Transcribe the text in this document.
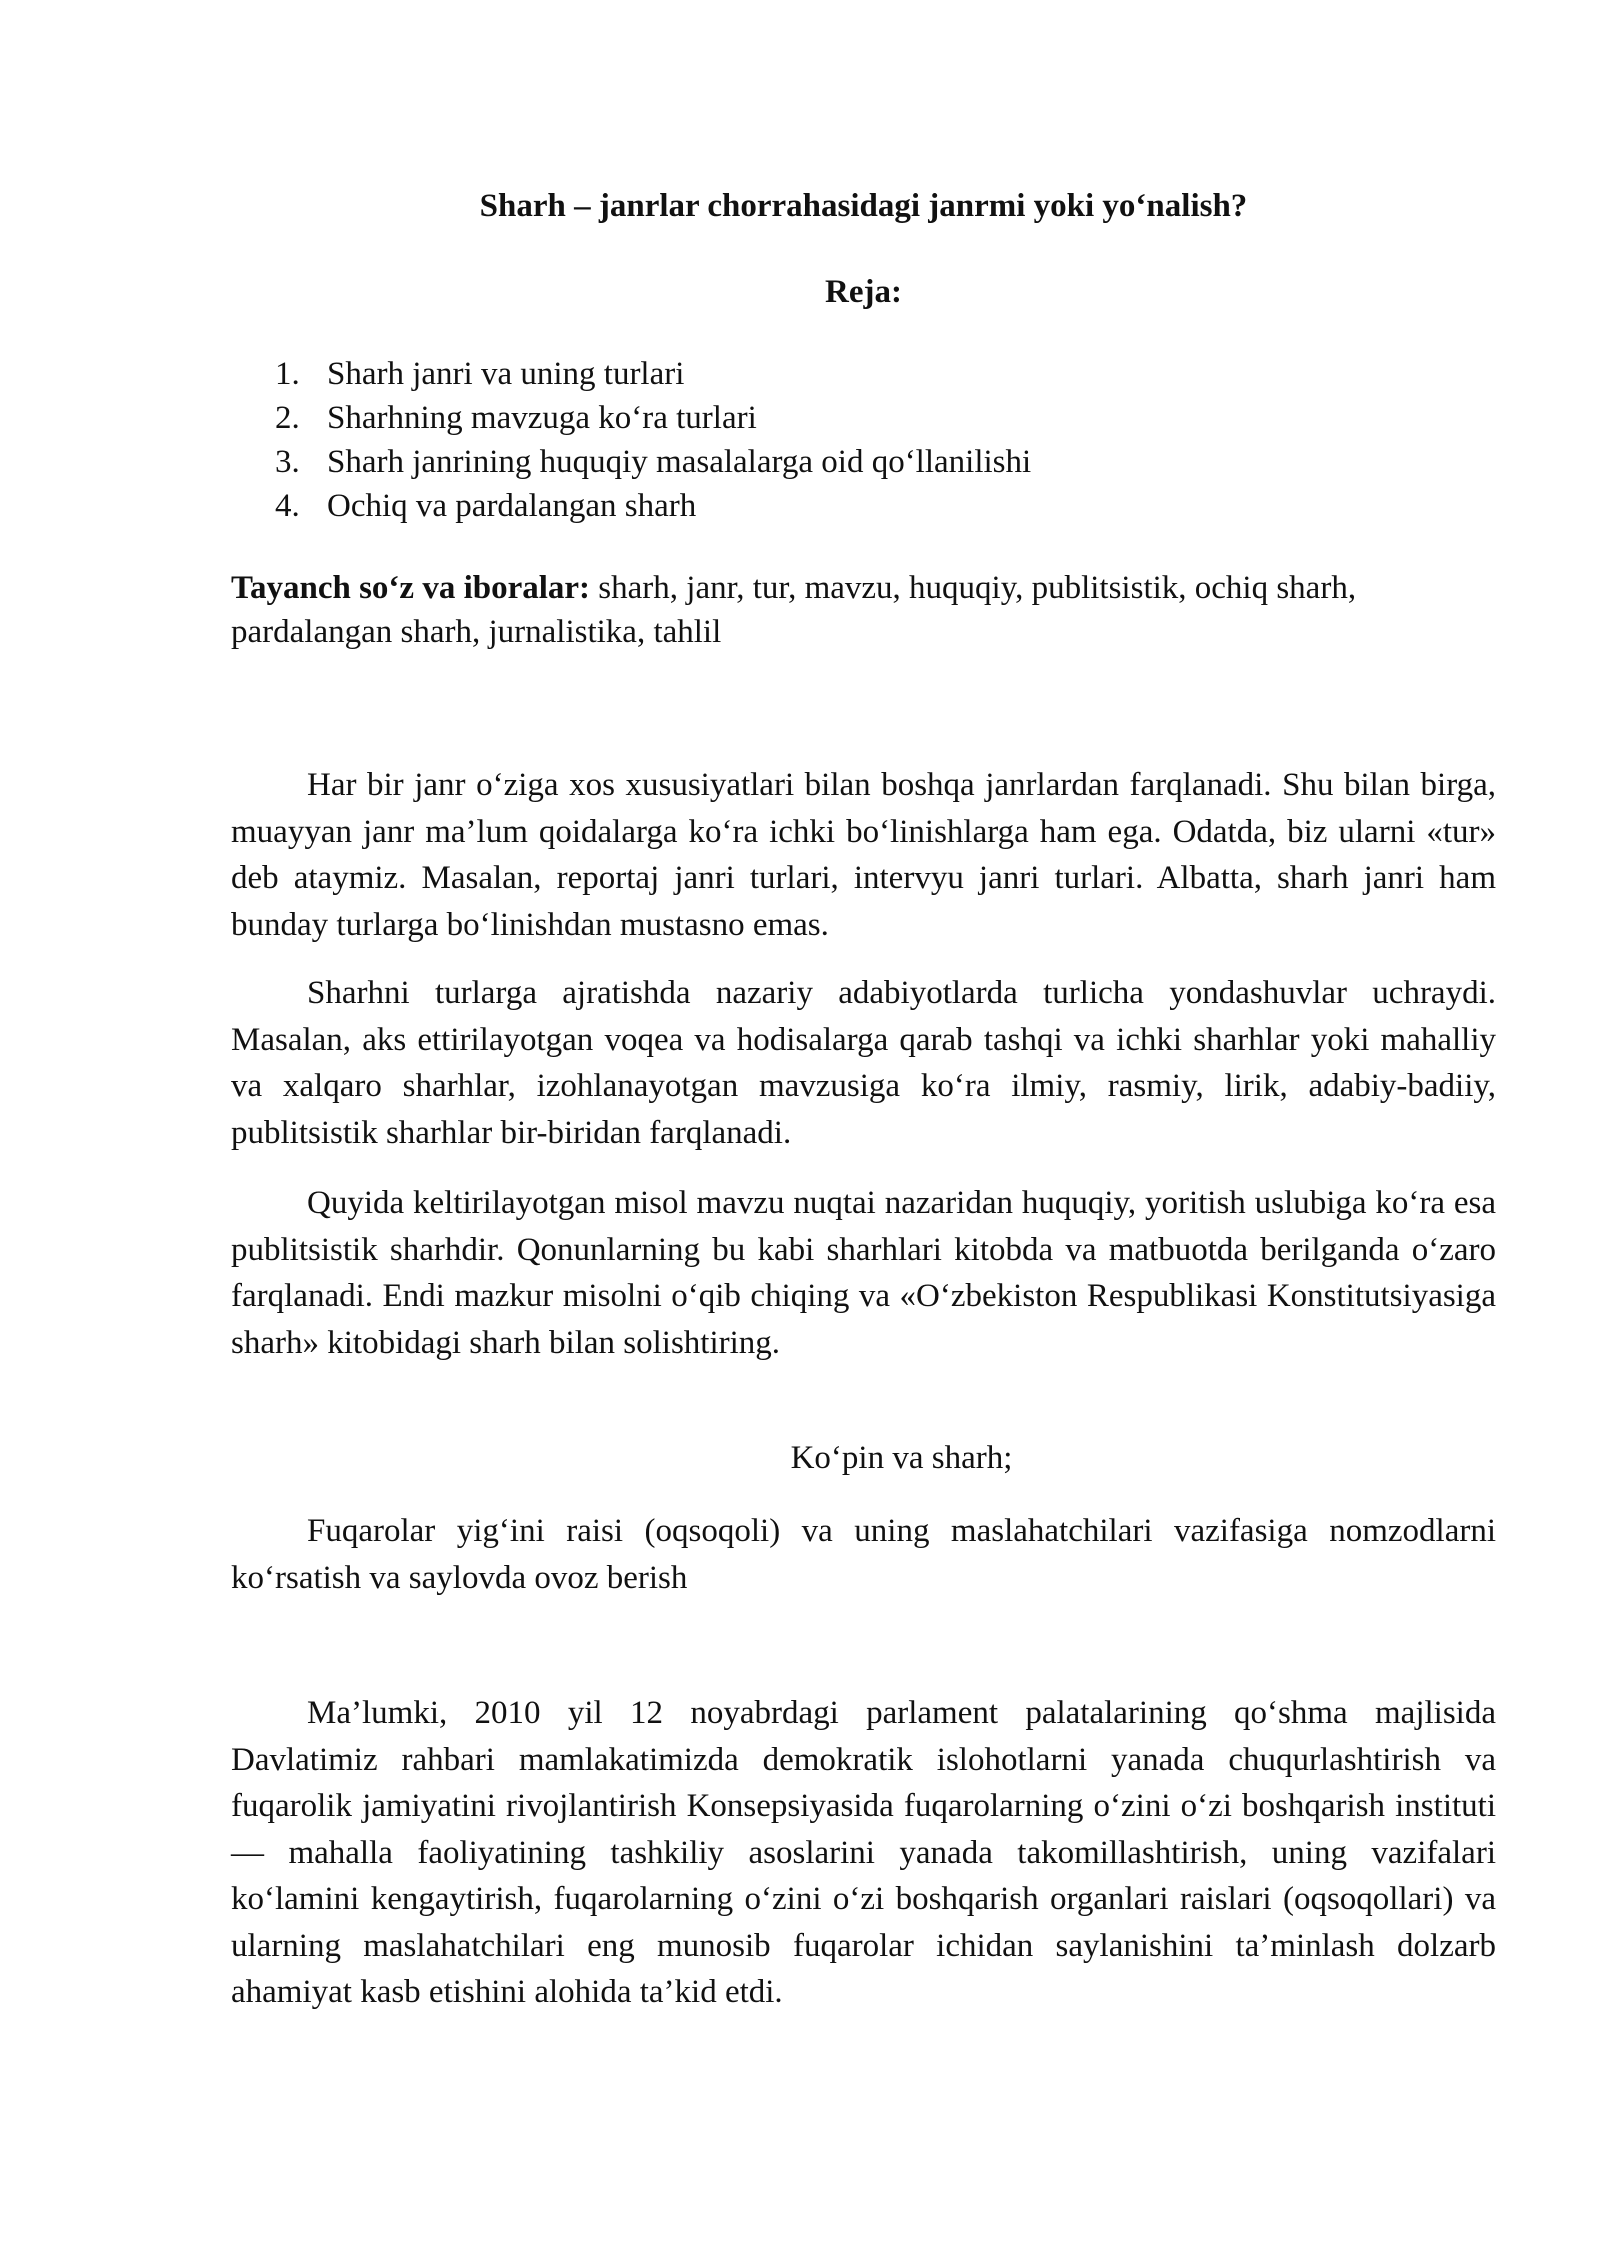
Sharh – janrlar chorrahasidagi janrmi yoki yo‘nalish?
Reja:
1. Sharh janri va uning turlari
2. Sharhning mavzuga ko‘ra turlari
3. Sharh janrining huquqiy masalalarga oid qo‘llanilishi
4. Ochiq va pardalangan sharh
Tayanch so‘z va iboralar: sharh, janr, tur, mavzu, huquqiy, publitsistik, ochiq sharh, pardalangan sharh, jurnalistika, tahlil

Har bir janr o‘ziga xos xususiyatlari bilan boshqa janrlardan farqlanadi. Shu bilan birga, muayyan janr ma’lum qoidalarga ko‘ra ichki bo‘linishlarga ham ega. Odatda, biz ularni «tur» deb ataymiz. Masalan, reportaj janri turlari, intervyu janri turlari. Albatta, sharh janri ham bunday turlarga bo‘linishdan mustasno emas.

Sharhni turlarga ajratishda nazariy adabiyotlarda turlicha yondashuvlar uchraydi. Masalan, aks ettirilayotgan voqea va hodisalarga qarab tashqi va ichki sharhlar yoki mahalliy va xalqaro sharhlar, izohlanayotgan mavzusiga ko‘ra ilmiy, rasmiy, lirik, adabiy-badiiy, publitsistik sharhlar bir-biridan farqlanadi.

Quyida keltirilayotgan misol mavzu nuqtai nazaridan huquqiy, yoritish uslubiga ko‘ra esa publitsistik sharhdir. Qonunlarning bu kabi sharhlari kitobda va matbuotda berilganda o‘zaro farqlanadi. Endi mazkur misolni o‘qib chiqing va «O‘zbekiston Respublikasi Konstitutsiyasiga sharh» kitobidagi sharh bilan solishtiring.

Ko‘pin va sharh;

Fuqarolar yig‘ini raisi (oqsoqoli) va uning maslahatchilari vazifasiga nomzodlarni ko‘rsatish va saylovda ovoz berish

Ma’lumki, 2010 yil 12 noyabrdagi parlament palatalarining qo‘shma majlisida Davlatimiz rahbari mamlakatimizda demokratik islohotlarni yanada chuqurlashtirish va fuqarolik jamiyatini rivojlantirish Konsepsiyasida fuqarolarning o‘zini o‘zi boshqarish instituti — mahalla faoliyatining tashkiliy asoslarini yanada takomillashtirish, uning vazifalari ko‘lamini kengaytirish, fuqarolarning o‘zini o‘zi boshqarish organlari raislari (oqsoqollari) va ularning maslahatchilari eng munosib fuqarolar ichidan saylanishini ta’minlash dolzarb ahamiyat kasb etishini alohida ta’kid etdi.
